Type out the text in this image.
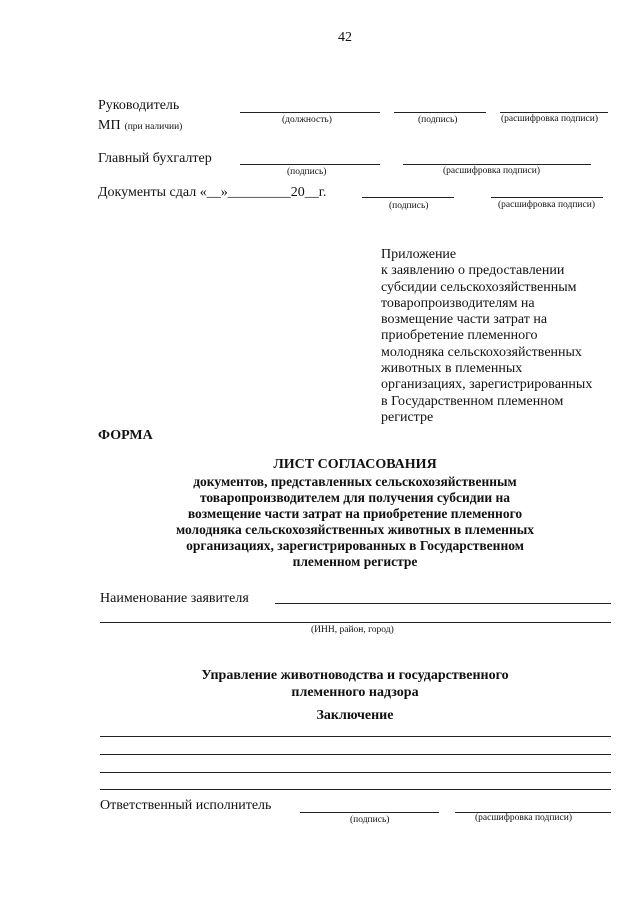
42
Руководитель
МП (при наличии)
(должность)	(подпись)	(расшифровка подписи)
Главный бухгалтер
(подпись)	(расшифровка подписи)
Документы сдал «__»_________20__г.
(подпись)	(расшифровка подписи)
Приложение
к заявлению о предоставлении
субсидии сельскохозяйственным
товаропроизводителям на
возмещение части затрат на
приобретение племенного
молодняка сельскохозяйственных
животных в племенных
организациях, зарегистрированных
в Государственном племенном
регистре
ФОРМА
ЛИСТ СОГЛАСОВАНИЯ
документов, представленных сельскохозяйственным
товаропроизводителем для получения субсидии на
возмещение части затрат на приобретение племенного
молодняка сельскохозяйственных животных в племенных
организациях, зарегистрированных в Государственном
племенном регистре
Наименование заявителя
(ИНН, район, город)
Управление животноводства и государственного
племенного надзора
Заключение
Ответственный исполнитель
(подпись)	(расшифровка подписи)
